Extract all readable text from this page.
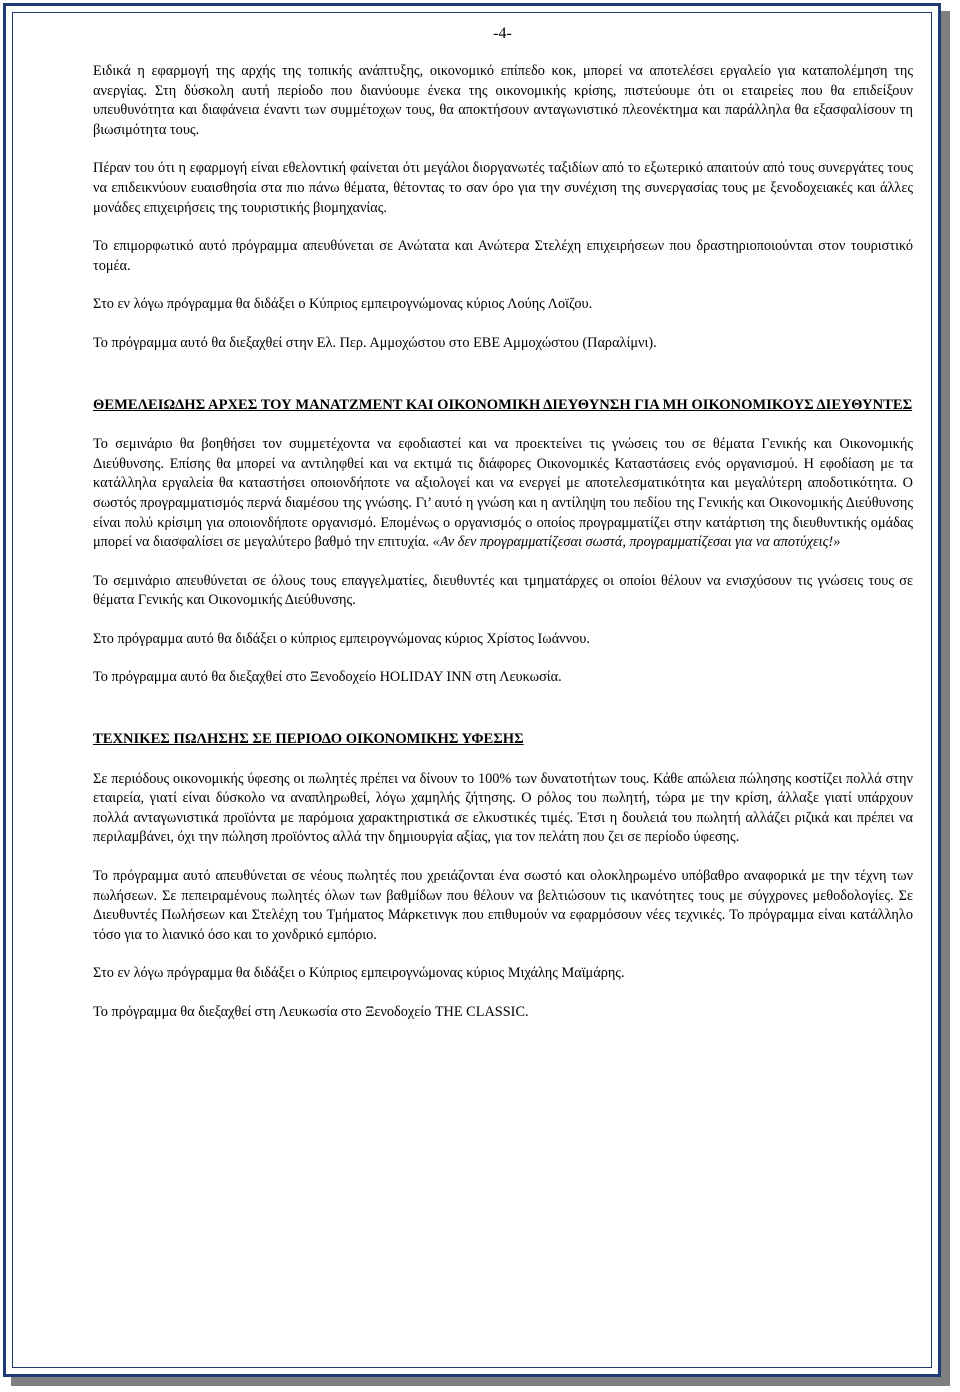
-4-

Ειδικά η εφαρμογή της αρχής της τοπικής ανάπτυξης, οικονομικό επίπεδο κοκ, μπορεί να αποτελέσει εργαλείο για καταπολέμηση της ανεργίας. Στη δύσκολη αυτή περίοδο που διανύουμε ένεκα της οικονομικής κρίσης, πιστεύουμε ότι οι εταιρείες που θα επιδείξουν υπευθυνότητα και διαφάνεια έναντι των συμμέτοχων τους, θα αποκτήσουν ανταγωνιστικό πλεονέκτημα και παράλληλα θα εξασφαλίσουν τη βιωσιμότητα τους.

Πέραν του ότι η εφαρμογή είναι εθελοντική φαίνεται ότι μεγάλοι διοργανωτές ταξιδίων από το εξωτερικό απαιτούν από τους συνεργάτες τους να επιδεικνύουν ευαισθησία στα πιο πάνω θέματα, θέτοντας το σαν όρο για την συνέχιση της συνεργασίας τους με ξενοδοχειακές και άλλες μονάδες επιχειρήσεις της τουριστικής βιομηχανίας.

Το επιμορφωτικό αυτό πρόγραμμα απευθύνεται σε Ανώτατα και Ανώτερα Στελέχη επιχειρήσεων που δραστηριοποιούνται στον τουριστικό τομέα.

Στο εν λόγω πρόγραμμα θα διδάξει ο Κύπριος εμπειρογνώμονας κύριος Λούης Λοϊζου.

Το πρόγραμμα αυτό θα διεξαχθεί στην Ελ. Περ. Αμμοχώστου στο ΕΒΕ Αμμοχώστου (Παραλίμνι).

ΘΕΜΕΛΕΙΩΔΗΣ ΑΡΧΕΣ ΤΟΥ ΜΑΝΑΤΖΜΕΝΤ ΚΑΙ ΟΙΚΟΝΟΜΙΚΗ ΔΙΕΥΘΥΝΣΗ ΓΙΑ ΜΗ ΟΙΚΟΝΟΜΙΚΟΥΣ ΔΙΕΥΘΥΝΤΕΣ

Το σεμινάριο θα βοηθήσει τον συμμετέχοντα να εφοδιαστεί και να προεκτείνει τις γνώσεις του σε θέματα Γενικής και Οικονομικής Διεύθυνσης. Επίσης θα μπορεί να αντιληφθεί και να εκτιμά τις διάφορες Οικονομικές Καταστάσεις ενός οργανισμού. Η εφοδίαση με τα κατάλληλα εργαλεία θα καταστήσει οποιονδήποτε να αξιολογεί και να ενεργεί με αποτελεσματικότητα και μεγαλύτερη αποδοτικότητα. Ο σωστός προγραμματισμός περνά διαμέσου της γνώσης. Γι’ αυτό η γνώση και η αντίληψη του πεδίου της Γενικής και Οικονομικής Διεύθυνσης είναι πολύ κρίσιμη για οποιονδήποτε οργανισμό. Επομένως ο οργανισμός ο οποίος προγραμματίζει στην κατάρτιση της διευθυντικής ομάδας μπορεί να διασφαλίσει σε μεγαλύτερο βαθμό την επιτυχία. «Αν δεν προγραμματίζεσαι σωστά, προγραμματίζεσαι για να αποτύχεις!»

Το σεμινάριο απευθύνεται σε όλους τους επαγγελματίες, διευθυντές και τμηματάρχες οι οποίοι θέλουν να ενισχύσουν τις γνώσεις τους σε θέματα Γενικής και Οικονομικής Διεύθυνσης.

Στο πρόγραμμα αυτό θα διδάξει ο κύπριος εμπειρογνώμονας κύριος Χρίστος Ιωάννου.

Το πρόγραμμα αυτό θα διεξαχθεί στο Ξενοδοχείο HOLIDAY INN στη Λευκωσία.

ΤΕΧΝΙΚΕΣ ΠΩΛΗΣΗΣ ΣΕ ΠΕΡΙΟΔΟ ΟΙΚΟΝΟΜΙΚΗΣ ΥΦΕΣΗΣ

Σε περιόδους οικονομικής ύφεσης οι πωλητές πρέπει να δίνουν το 100% των δυνατοτήτων τους. Κάθε απώλεια πώλησης κοστίζει πολλά στην εταιρεία, γιατί είναι δύσκολο να αναπληρωθεί, λόγω χαμηλής ζήτησης. Ο ρόλος του πωλητή, τώρα με την κρίση, άλλαξε γιατί υπάρχουν πολλά ανταγωνιστικά προϊόντα με παρόμοια χαρακτηριστικά σε ελκυστικές τιμές. Έτσι η δουλειά του πωλητή αλλάζει ριζικά και πρέπει να περιλαμβάνει, όχι την πώληση προϊόντος αλλά την δημιουργία αξίας, για τον πελάτη που ζει σε περίοδο ύφεσης.

Το πρόγραμμα αυτό απευθύνεται σε νέους πωλητές που χρειάζονται ένα σωστό και ολοκληρωμένο υπόβαθρο αναφορικά με την τέχνη των πωλήσεων. Σε πεπειραμένους πωλητές όλων των βαθμίδων που θέλουν να βελτιώσουν τις ικανότητες τους με σύγχρονες μεθοδολογίες. Σε Διευθυντές Πωλήσεων και Στελέχη του Τμήματος Μάρκετινγκ που επιθυμούν να εφαρμόσουν νέες τεχνικές. Το πρόγραμμα είναι κατάλληλο τόσο για το λιανικό όσο και το χονδρικό εμπόριο.

Στο εν λόγω πρόγραμμα θα διδάξει ο Κύπριος εμπειρογνώμονας κύριος Μιχάλης Μαϊμάρης.

Το πρόγραμμα θα διεξαχθεί στη Λευκωσία στο Ξενοδοχείο THE CLASSIC.
